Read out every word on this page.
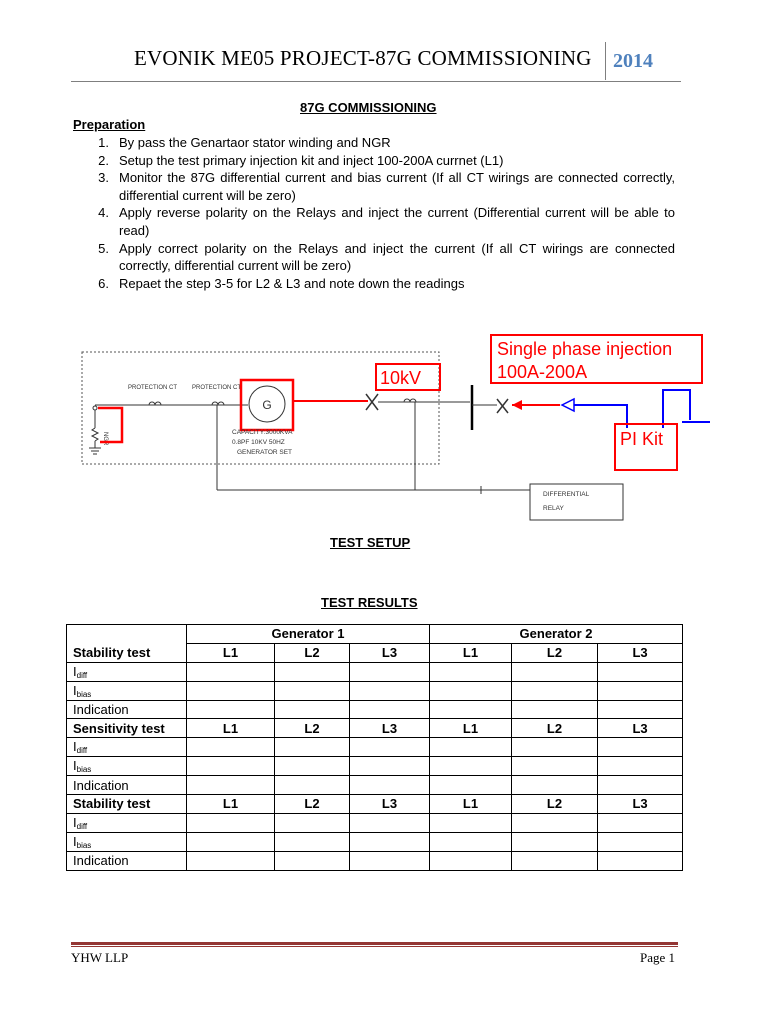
EVONIK ME05 PROJECT-87G COMMISSIONING 2014
87G COMMISSIONING
Preparation
1. By pass the Genartaor stator winding and NGR
2. Setup the test primary injection kit and inject 100-200A currnet (L1)
3. Monitor the 87G differential current and bias current (If all CT wirings are connected correctly, differential current will be zero)
4. Apply reverse polarity on the Relays and inject the current (Differential current will be able to read)
5. Apply correct polarity on the Relays and inject the current (If all CT wirings are connected correctly, differential current will be zero)
6. Repaet the step 3-5 for L2 & L3 and note down the readings
NGR
PROTECTION CT	PROTECTION CT
G
CAPACITY:3000KVA
0.8PF 10KV 50HZ
GENERATOR SET
10kV
Single phase injection
100A-200A
PI Kit
DIFFERENTIAL
RELAY
TEST SETUP
TEST RESULTS
	Generator 1			Generator 2		
Stability test	L1	L2	L3	L1	L2	L3
$I_{diff}$						
$I_{bias}$						
Indication						
Sensitivity test	L1	L2	L3	L1	L2	L3
$I_{diff}$						
$I_{bias}$						
Indication						
Stability test	L1	L2	L3	L1	L2	L3
$I_{diff}$						
$I_{bias}$						
Indication						
YHW LLP	Page 1
